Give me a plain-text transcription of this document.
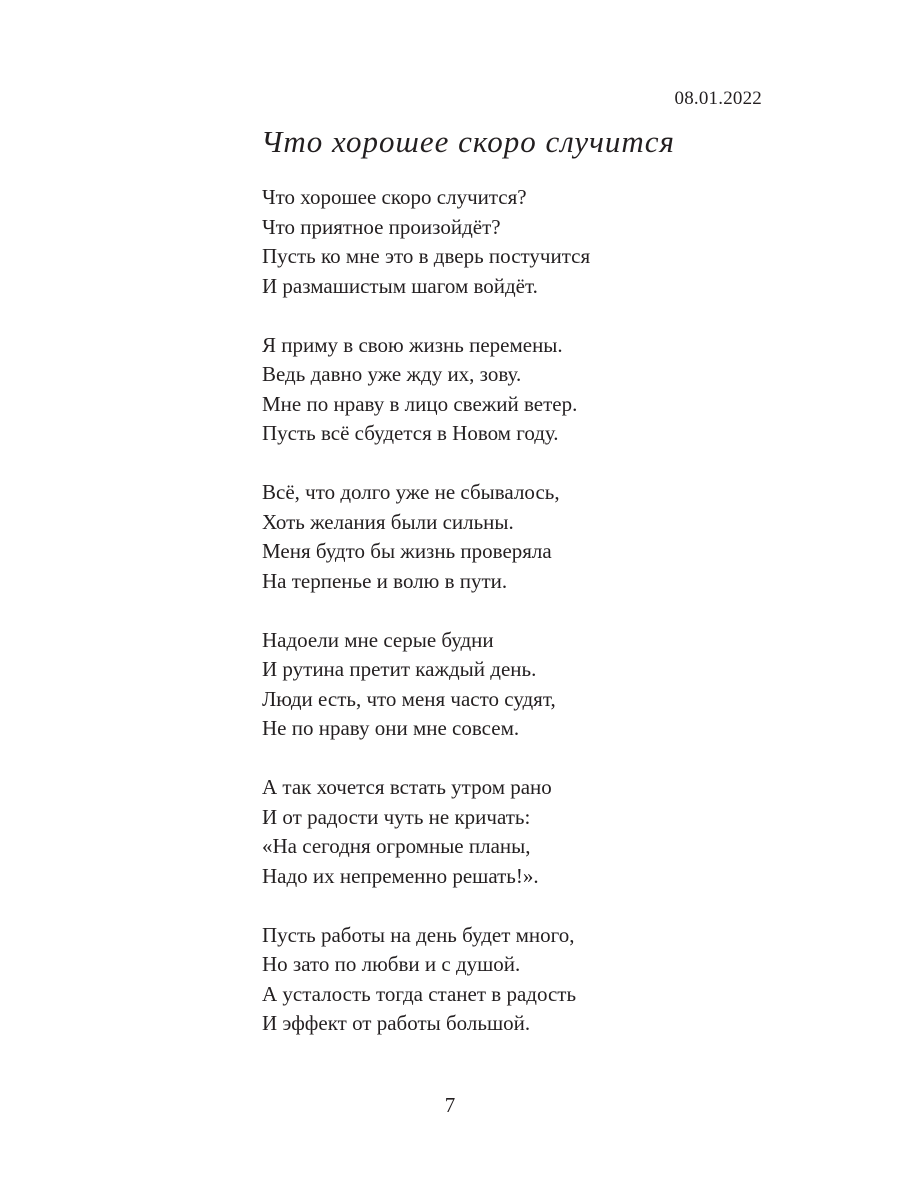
08.01.2022
Что хорошее скоро случится
Что хорошее скоро случится?
Что приятное произойдёт?
Пусть ко мне это в дверь постучится
И размашистым шагом войдёт.
Я приму в свою жизнь перемены.
Ведь давно уже жду их, зову.
Мне по нраву в лицо свежий ветер.
Пусть всё сбудется в Новом году.
Всё, что долго уже не сбывалось,
Хоть желания были сильны.
Меня будто бы жизнь проверяла
На терпенье и волю в пути.
Надоели мне серые будни
И рутина претит каждый день.
Люди есть, что меня часто судят,
Не по нраву они мне совсем.
А так хочется встать утром рано
И от радости чуть не кричать:
«На сегодня огромные планы,
Надо их непременно решать!».
Пусть работы на день будет много,
Но зато по любви и с душой.
А усталость тогда станет в радость
И эффект от работы большой.
7
